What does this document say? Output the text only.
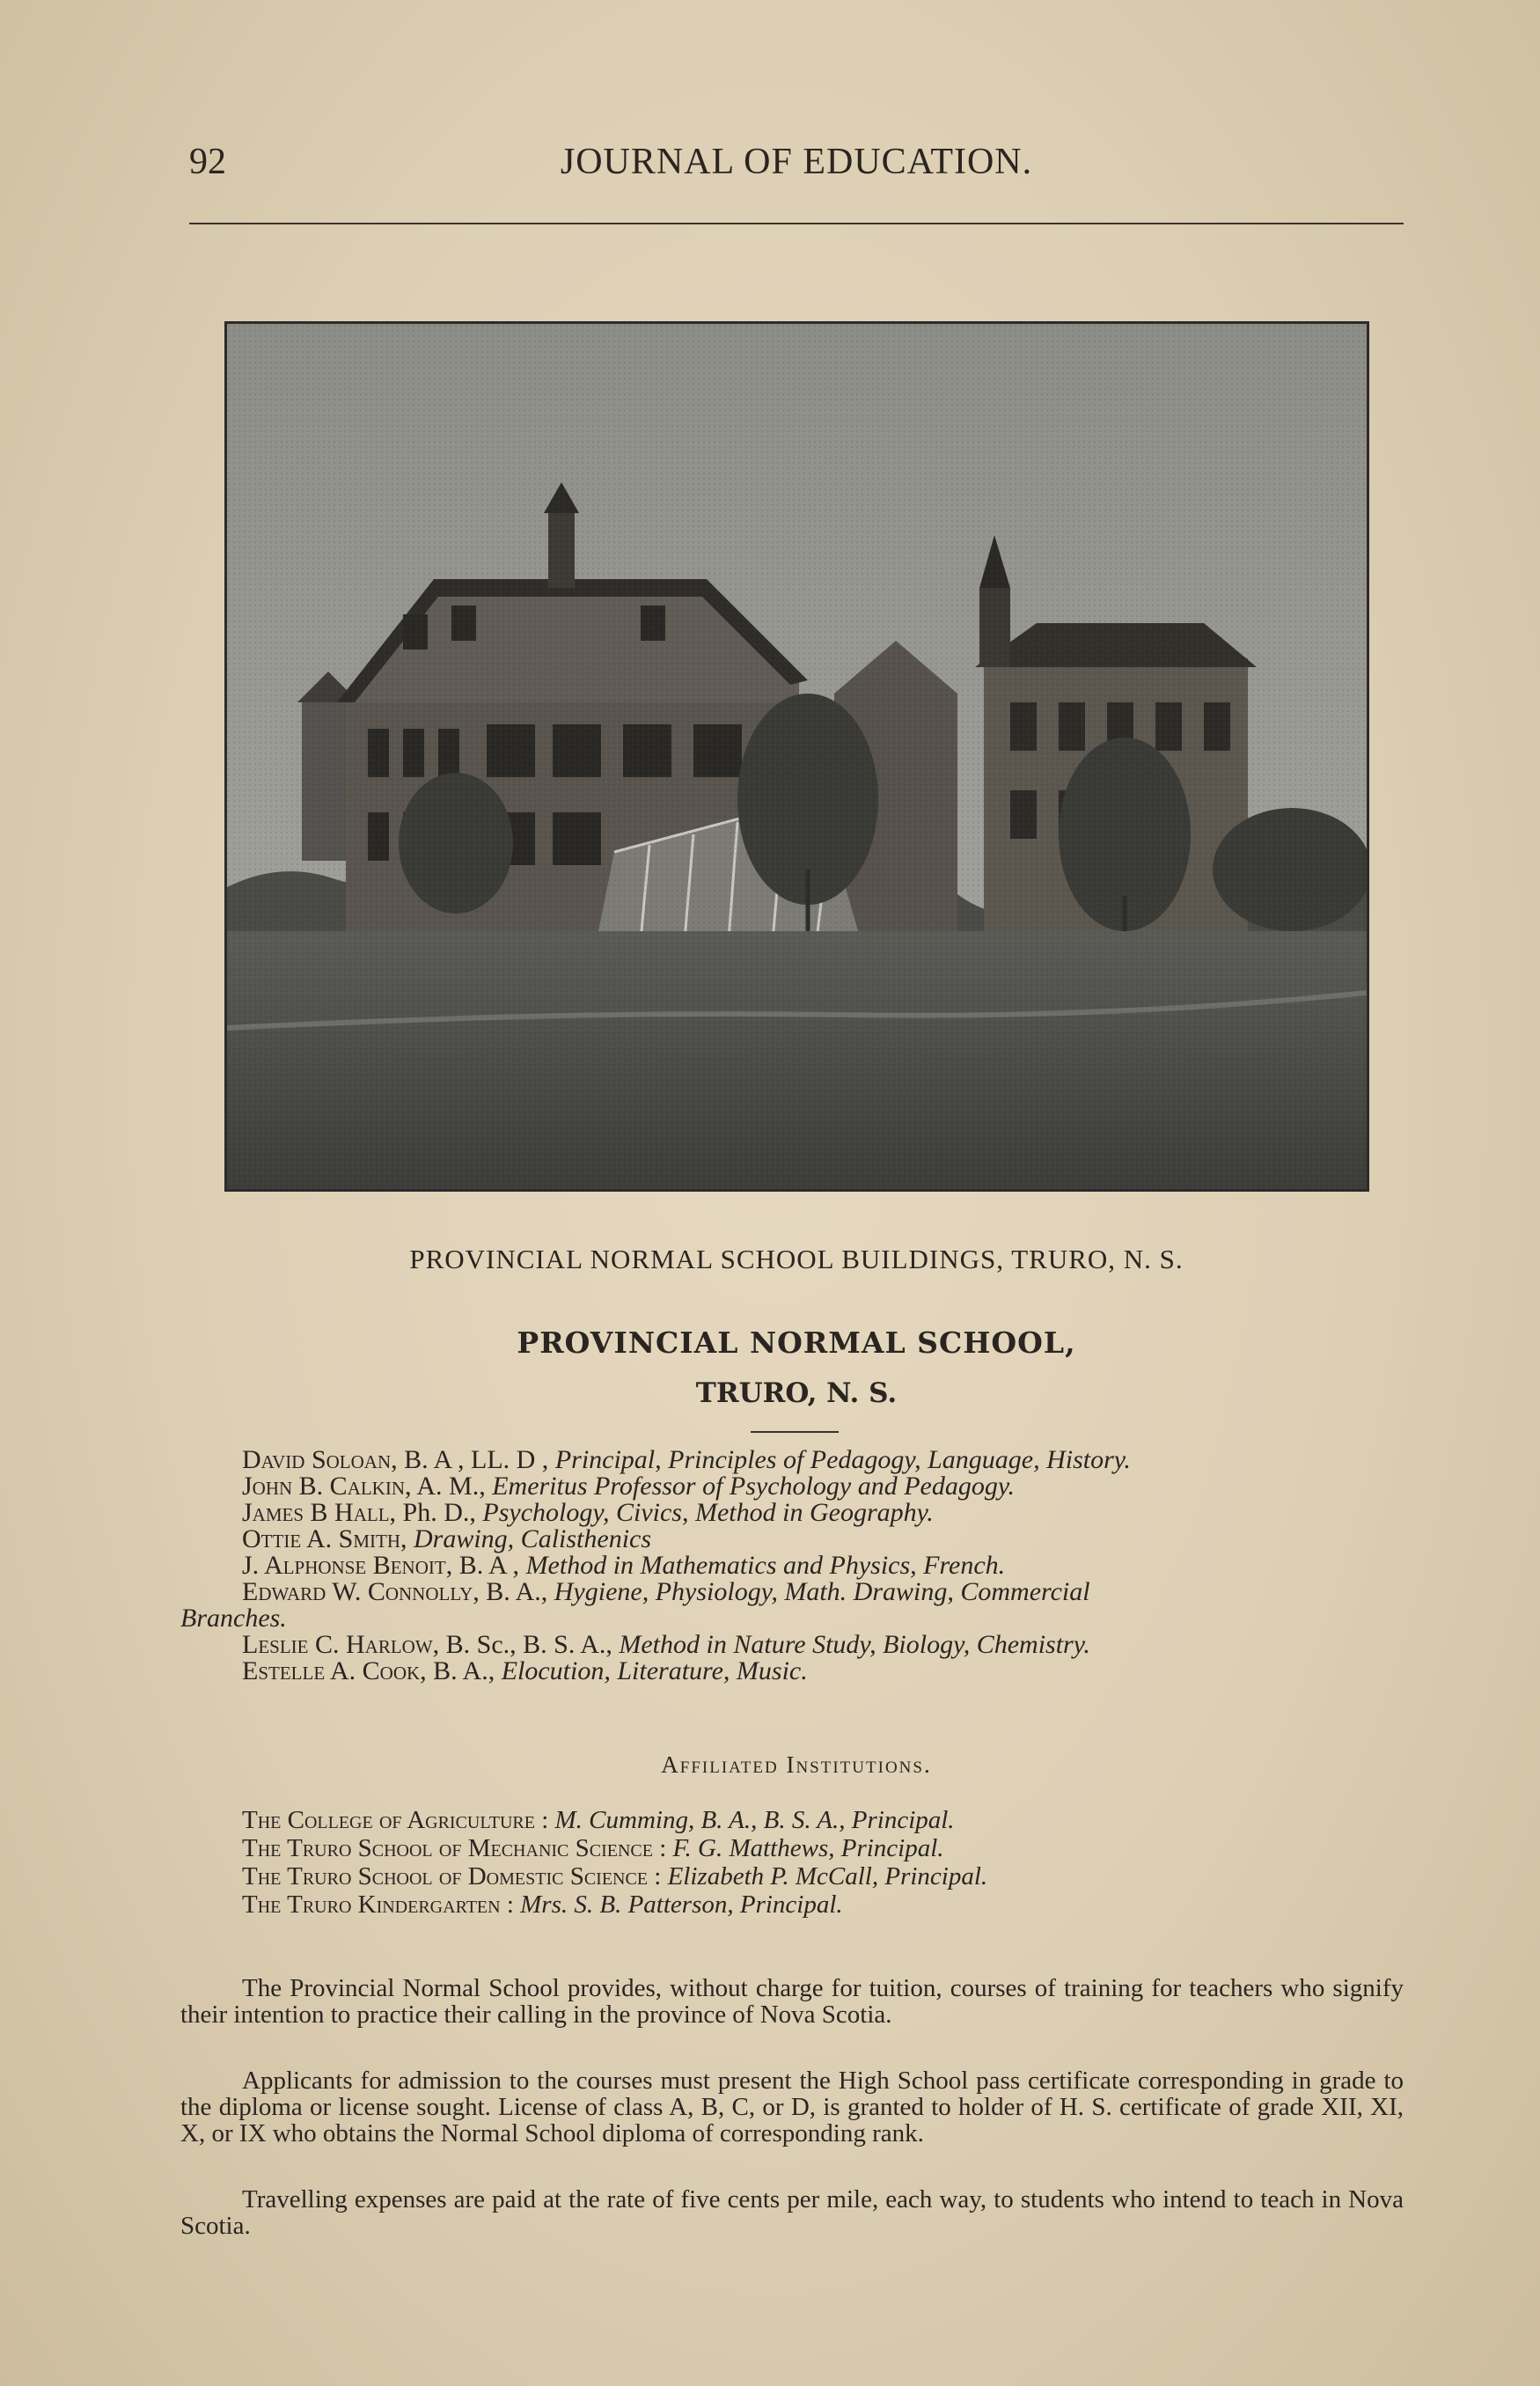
92	JOURNAL OF EDUCATION.
PROVINCIAL NORMAL SCHOOL BUILDINGS, TRURO, N. S.
PROVINCIAL NORMAL SCHOOL,
TRURO, N. S.
David Soloan, B. A , LL. D , Principal, Principles of Pedagogy, Language, History.
John B. Calkin, A. M., Emeritus Professor of Psychology and Pedagogy.
James B Hall, Ph. D., Psychology, Civics, Method in Geography.
Ottie A. Smith, Drawing, Calisthenics
J. Alphonse Benoit, B. A , Method in Mathematics and Physics, French.
Edward W. Connolly, B. A., Hygiene, Physiology, Math. Drawing, Commercial
Branches.
Leslie C. Harlow, B. Sc., B. S. A., Method in Nature Study, Biology, Chemistry.
Estelle A. Cook, B. A., Elocution, Literature, Music.
Affiliated Institutions.
The College of Agriculture : M. Cumming, B. A., B. S. A., Principal.
The Truro School of Mechanic Science : F. G. Matthews, Principal.
The Truro School of Domestic Science : Elizabeth P. McCall, Principal.
The Truro Kindergarten : Mrs. S. B. Patterson, Principal.

The Provincial Normal School provides, without charge for tuition, courses of training for teachers who signify their intention to practice their calling in the province of Nova Scotia.

Applicants for admission to the courses must present the High School pass certificate corresponding in grade to the diploma or license sought. License of class A, B, C, or D, is granted to holder of H. S. certificate of grade XII, XI, X, or IX who obtains the Normal School diploma of corresponding rank.

Travelling expenses are paid at the rate of five cents per mile, each way, to students who intend to teach in Nova Scotia.
